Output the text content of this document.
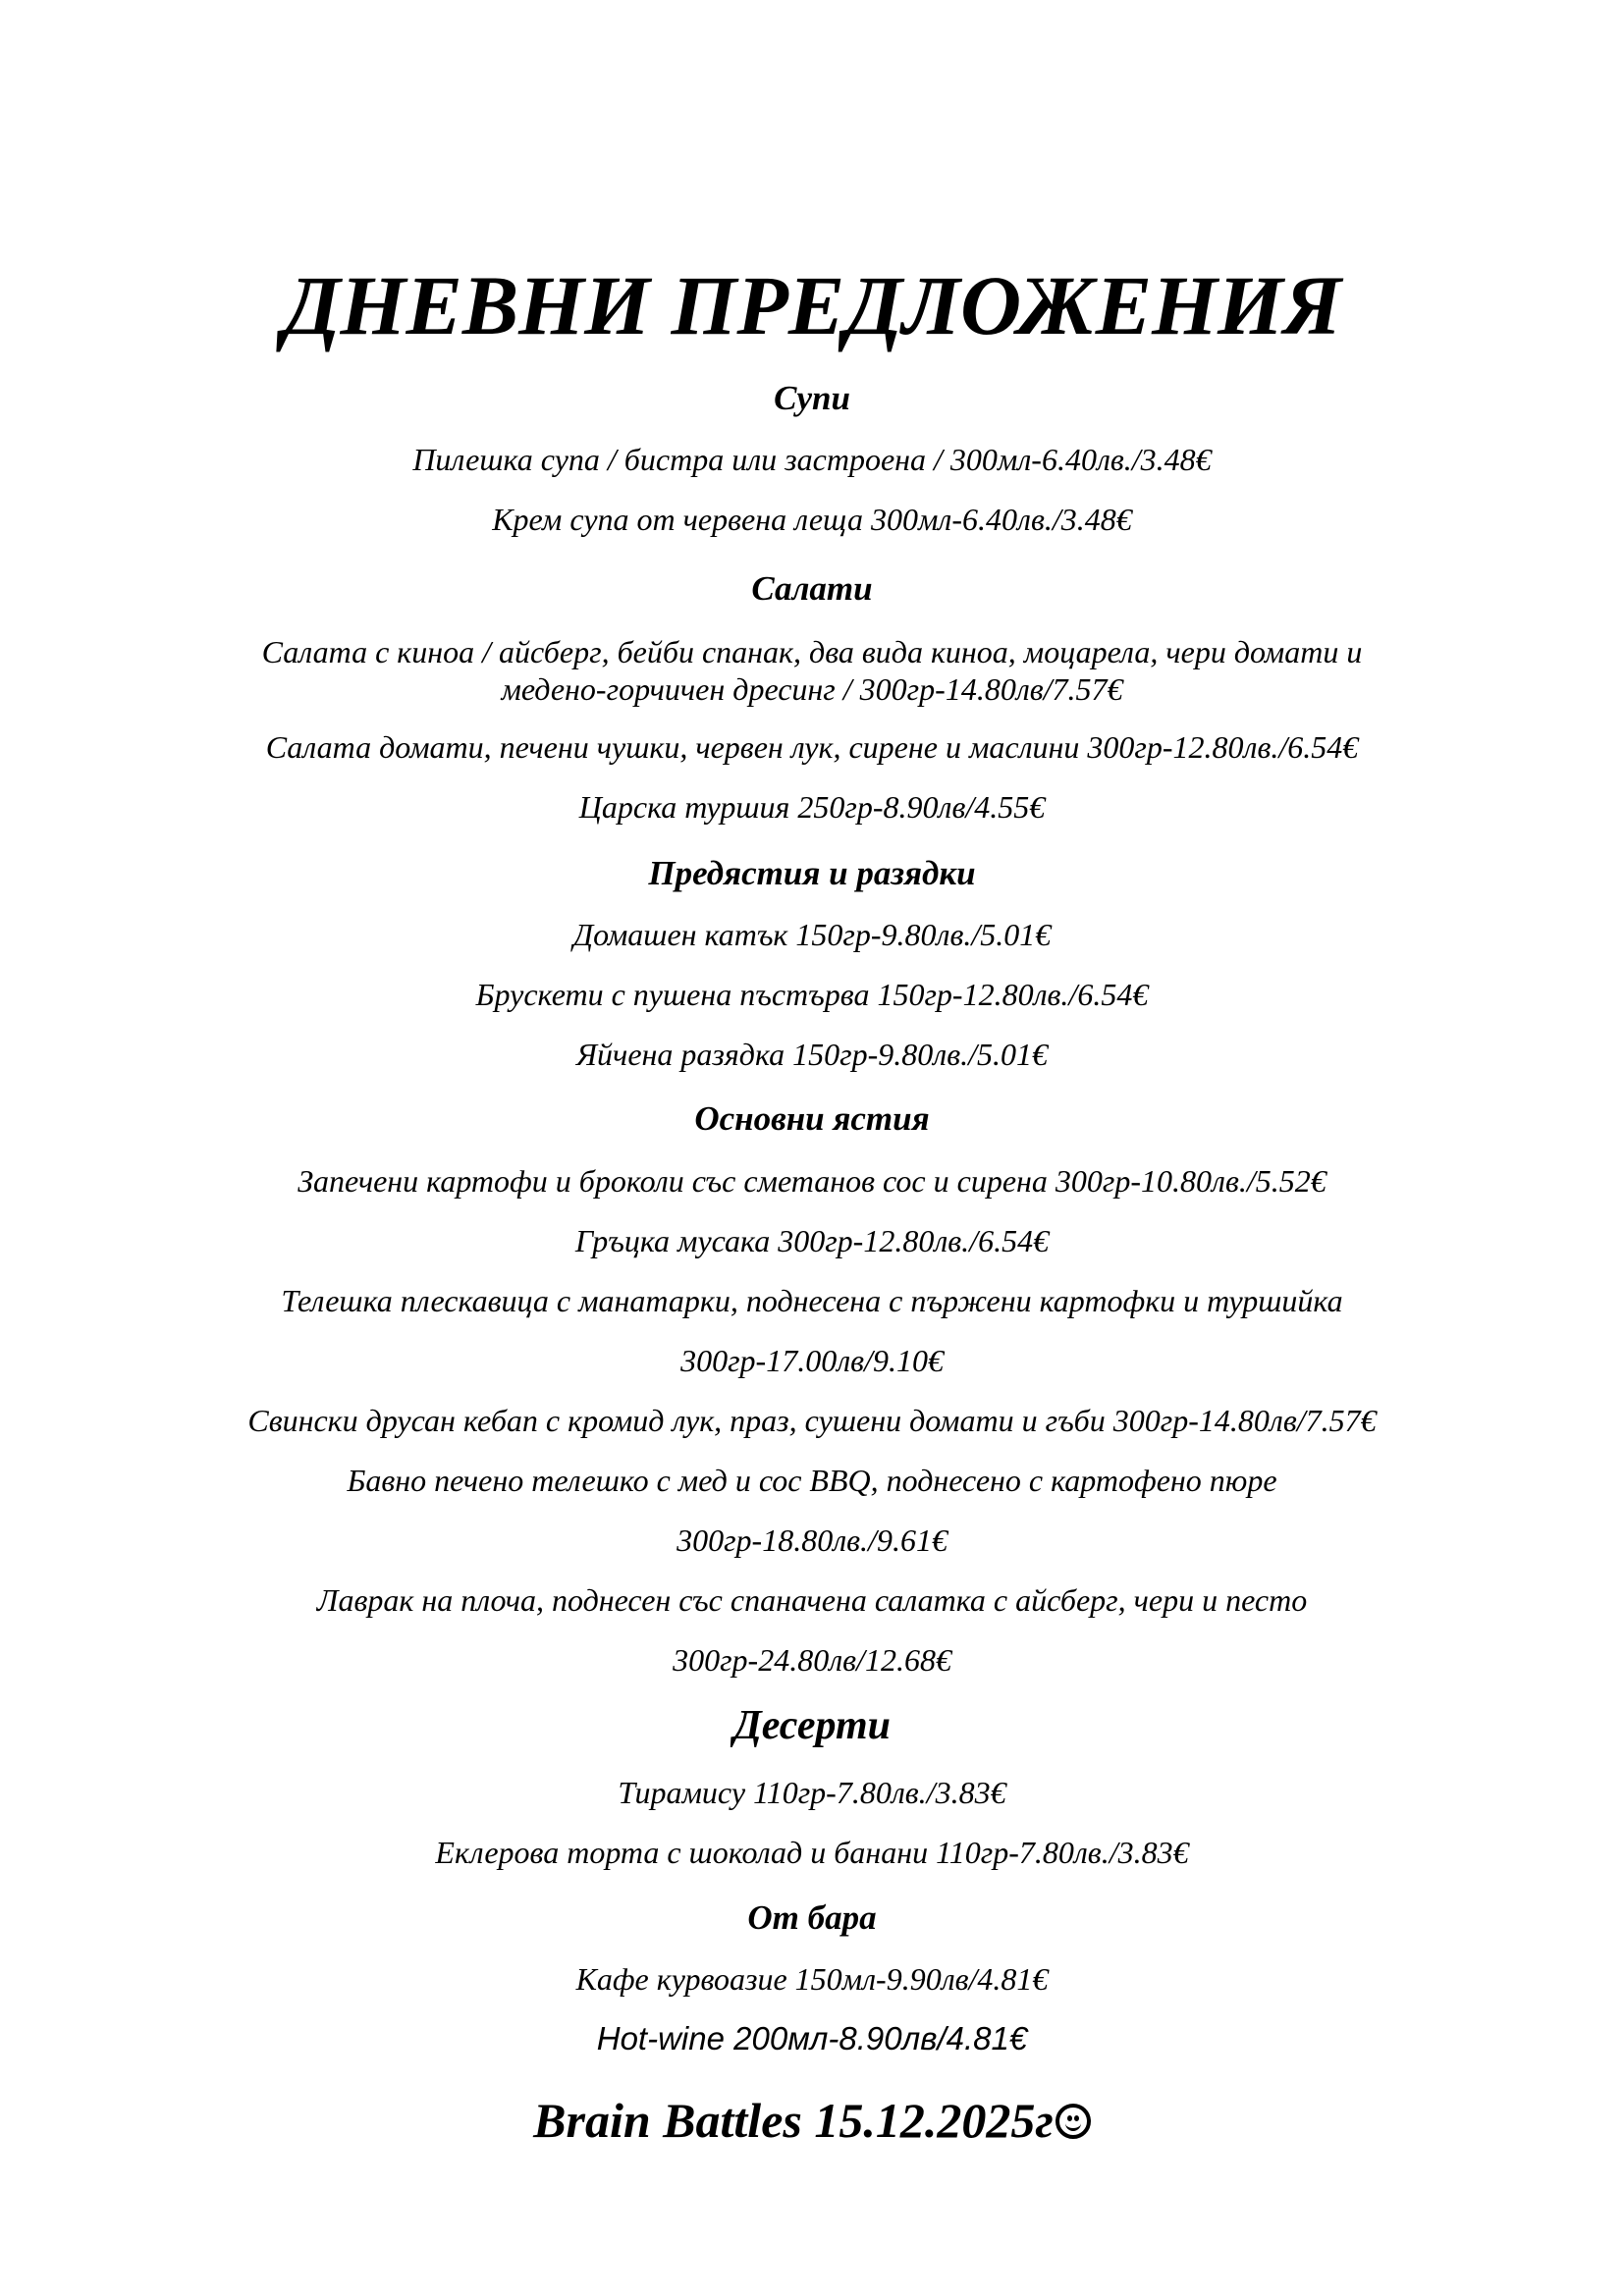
ДНЕВНИ ПРЕДЛОЖЕНИЯ
Супи
Пилешка супа / бистра или застроена / 300мл-6.40лв./3.48€
Крем супа от червена леща 300мл-6.40лв./3.48€
Салати
Салата с киноа / айсберг, бейби спанак, два вида киноа, моцарела, чери домати и
медено-горчичен дресинг / 300гр-14.80лв/7.57€
Салата домати, печени чушки, червен лук, сирене и маслини 300гр-12.80лв./6.54€
Царска туршия 250гр-8.90лв/4.55€
Предястия и разядки
Домашен катък 150гр-9.80лв./5.01€
Брускети с пушена пъстърва 150гр-12.80лв./6.54€
Яйчена разядка 150гр-9.80лв./5.01€
Основни ястия
Запечени картофи и броколи със сметанов сос и сирена 300гр-10.80лв./5.52€
Гръцка мусака 300гр-12.80лв./6.54€
Телешка плескавица с манатарки, поднесена с пържени картофки и туршийка
300гр-17.00лв/9.10€
Свински друсан кебап с кромид лук, праз, сушени домати и гъби 300гр-14.80лв/7.57€
Бавно печено телешко с мед и сос BBQ, поднесено с картофено пюре
300гр-18.80лв./9.61€
Лаврак на плоча, поднесен със спаначена салатка с айсберг, чери и песто
300гр-24.80лв/12.68€
Десерти
Тирамису 110гр-7.80лв./3.83€
Еклерова торта с шоколад и банани 110гр-7.80лв./3.83€
От бара
Кафе курвоазие 150мл-9.90лв/4.81€
Hot-wine 200мл-8.90лв/4.81€
Brain Battles 15.12.2025г
